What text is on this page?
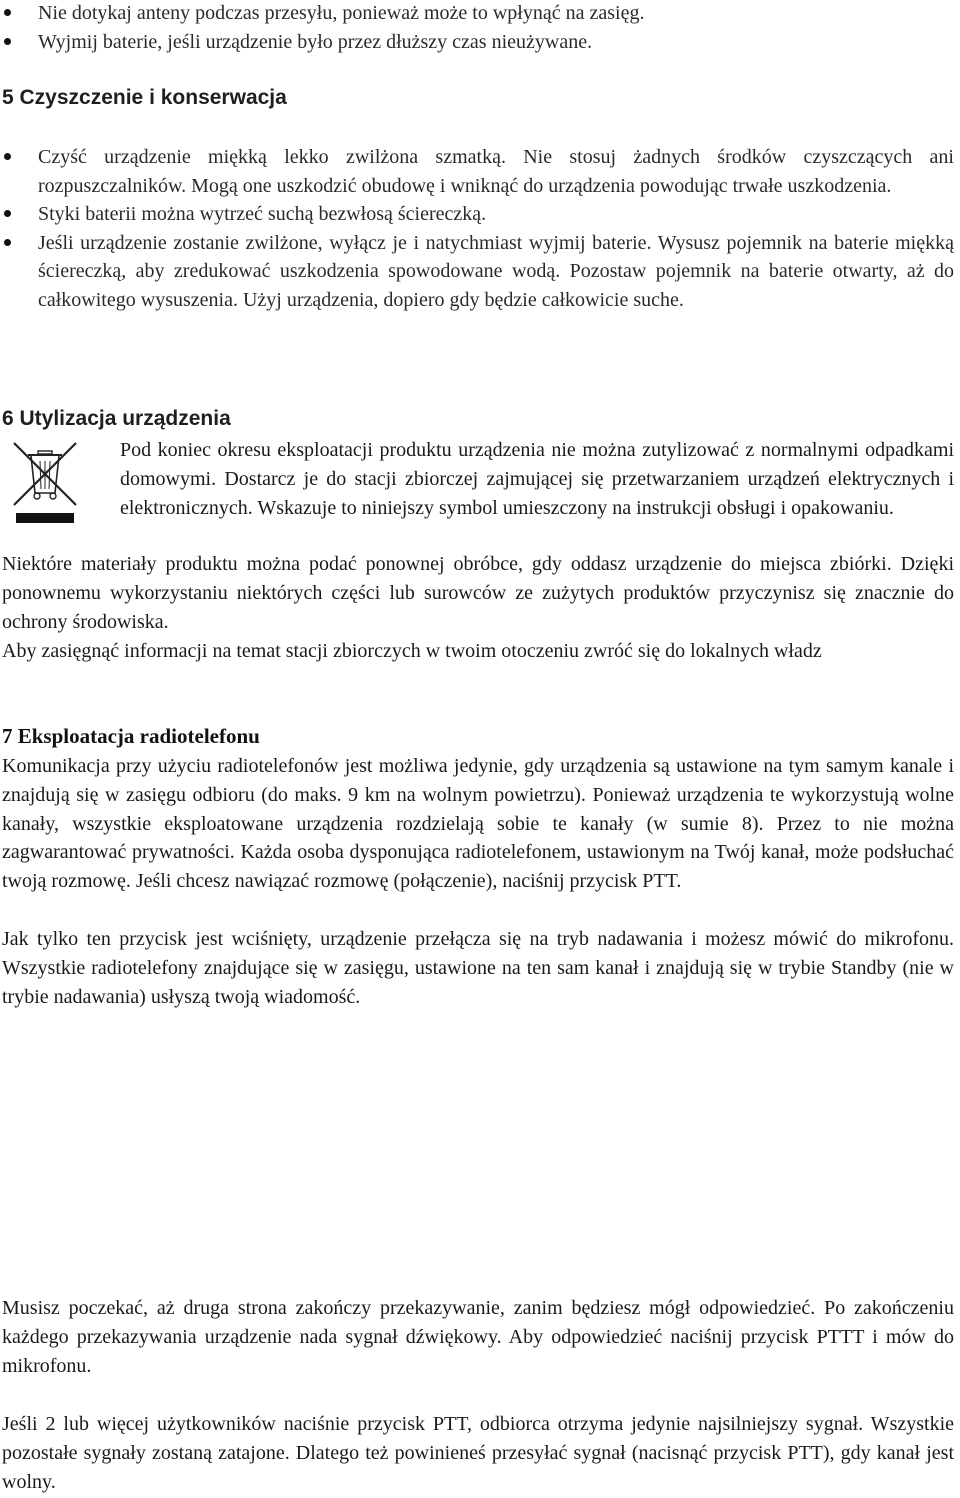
Nie dotykaj anteny podczas przesyłu, ponieważ może to wpłynąć na zasięg.
Wyjmij baterie, jeśli urządzenie było przez dłuższy czas nieużywane.
5 Czyszczenie i konserwacja
Czyść urządzenie miękką lekko zwilżona szmatką. Nie stosuj żadnych środków czyszczących ani rozpuszczalników. Mogą one uszkodzić obudowę i wniknąć do urządzenia powodując trwałe uszkodzenia.
Styki baterii można wytrzeć suchą bezwłosą ściereczką.
Jeśli urządzenie zostanie zwilżone, wyłącz je i natychmiast wyjmij baterie. Wysusz pojemnik na baterie miękką ściereczką, aby zredukować uszkodzenia spowodowane wodą. Pozostaw pojemnik na baterie otwarty, aż do całkowitego wysuszenia. Użyj urządzenia, dopiero gdy będzie całkowicie suche.
6 Utylizacja urządzenia

Pod koniec okresu eksploatacji produktu urządzenia nie można zutylizować z normalnymi odpadkami domowymi. Dostarcz je do stacji zbiorczej zajmującej się przetwarzaniem urządzeń elektrycznych i elektronicznych. Wskazuje to niniejszy symbol umieszczony na instrukcji obsługi i opakowaniu.

Niektóre materiały produktu można podać ponownej obróbce, gdy oddasz urządzenie do miejsca zbiórki. Dzięki ponownemu wykorzystaniu niektórych części lub surowców ze zużytych produktów przyczynisz się znacznie do ochrony środowiska.

Aby zasięgnąć informacji na temat stacji zbiorczych w twoim otoczeniu zwróć się do lokalnych władz

7 Eksploatacja radiotelefonu

Komunikacja przy użyciu radiotelefonów jest możliwa jedynie, gdy urządzenia są ustawione na tym samym kanale i znajdują się w zasięgu odbioru (do maks. 9 km na wolnym powietrzu). Ponieważ urządzenia te wykorzystują wolne kanały, wszystkie eksploatowane urządzenia rozdzielają sobie te kanały (w sumie 8). Przez to nie można zagwarantować prywatności. Każda osoba dysponująca radiotelefonem, ustawionym na Twój kanał, może podsłuchać twoją rozmowę. Jeśli chcesz nawiązać rozmowę (połączenie), naciśnij przycisk PTT.

Jak tylko ten przycisk jest wciśnięty, urządzenie przełącza się na tryb nadawania i możesz mówić do mikrofonu. Wszystkie radiotelefony znajdujące się w zasięgu, ustawione na ten sam kanał i znajdują się w trybie Standby (nie w trybie nadawania) usłyszą twoją wiadomość.

Musisz poczekać, aż druga strona zakończy przekazywanie, zanim będziesz mógł odpowiedzieć. Po zakończeniu każdego przekazywania urządzenie nada sygnał dźwiękowy. Aby odpowiedzieć naciśnij przycisk PTTT i mów do mikrofonu.

Jeśli 2 lub więcej użytkowników naciśnie przycisk PTT, odbiorca otrzyma jedynie najsilniejszy sygnał. Wszystkie pozostałe sygnały zostaną zatajone. Dlatego też powinieneś przesyłać sygnał (nacisnąć przycisk PTT), gdy kanał jest wolny.
